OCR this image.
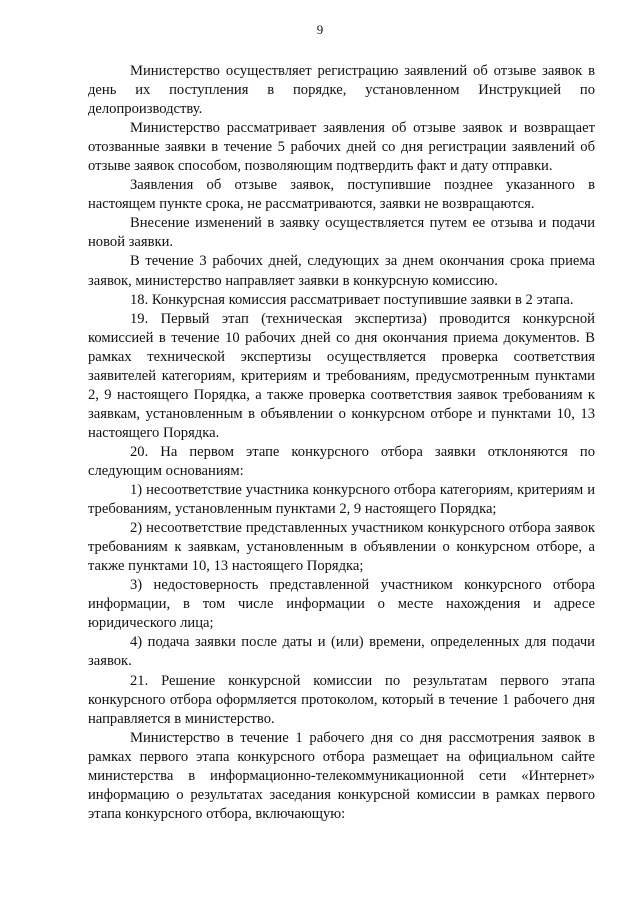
9

Министерство осуществляет регистрацию заявлений об отзыве заявок в день их поступления в порядке, установленном Инструкцией по делопроизводству.

Министерство рассматривает заявления об отзыве заявок и возвращает отозванные заявки в течение 5 рабочих дней со дня регистрации заявлений об отзыве заявок способом, позволяющим подтвердить факт и дату отправки.

Заявления об отзыве заявок, поступившие позднее указанного в настоящем пункте срока, не рассматриваются, заявки не возвращаются.

Внесение изменений в заявку осуществляется путем ее отзыва и подачи новой заявки.

В течение 3 рабочих дней, следующих за днем окончания срока приема заявок, министерство направляет заявки в конкурсную комиссию.

18. Конкурсная комиссия рассматривает поступившие заявки в 2 этапа.

19. Первый этап (техническая экспертиза) проводится конкурсной комиссией в течение 10 рабочих дней со дня окончания приема документов. В рамках технической экспертизы осуществляется проверка соответствия заявителей категориям, критериям и требованиям, предусмотренным пунктами 2, 9 настоящего Порядка, а также проверка соответствия заявок требованиям к заявкам, установленным в объявлении о конкурсном отборе и пунктами 10, 13 настоящего Порядка.

20. На первом этапе конкурсного отбора заявки отклоняются по следующим основаниям:

1) несоответствие участника конкурсного отбора категориям, критериям и требованиям, установленным пунктами 2, 9 настоящего Порядка;

2) несоответствие представленных участником конкурсного отбора заявок требованиям к заявкам, установленным в объявлении о конкурсном отборе, а также пунктами 10, 13 настоящего Порядка;

3) недостоверность представленной участником конкурсного отбора информации, в том числе информации о месте нахождения и адресе юридического лица;

4) подача заявки после даты и (или) времени, определенных для подачи заявок.

21. Решение конкурсной комиссии по результатам первого этапа конкурсного отбора оформляется протоколом, который в течение 1 рабочего дня направляется в министерство.

Министерство в течение 1 рабочего дня со дня рассмотрения заявок в рамках первого этапа конкурсного отбора размещает на официальном сайте министерства в информационно-телекоммуникационной сети «Интернет» информацию о результатах заседания конкурсной комиссии в рамках первого этапа конкурсного отбора, включающую:
